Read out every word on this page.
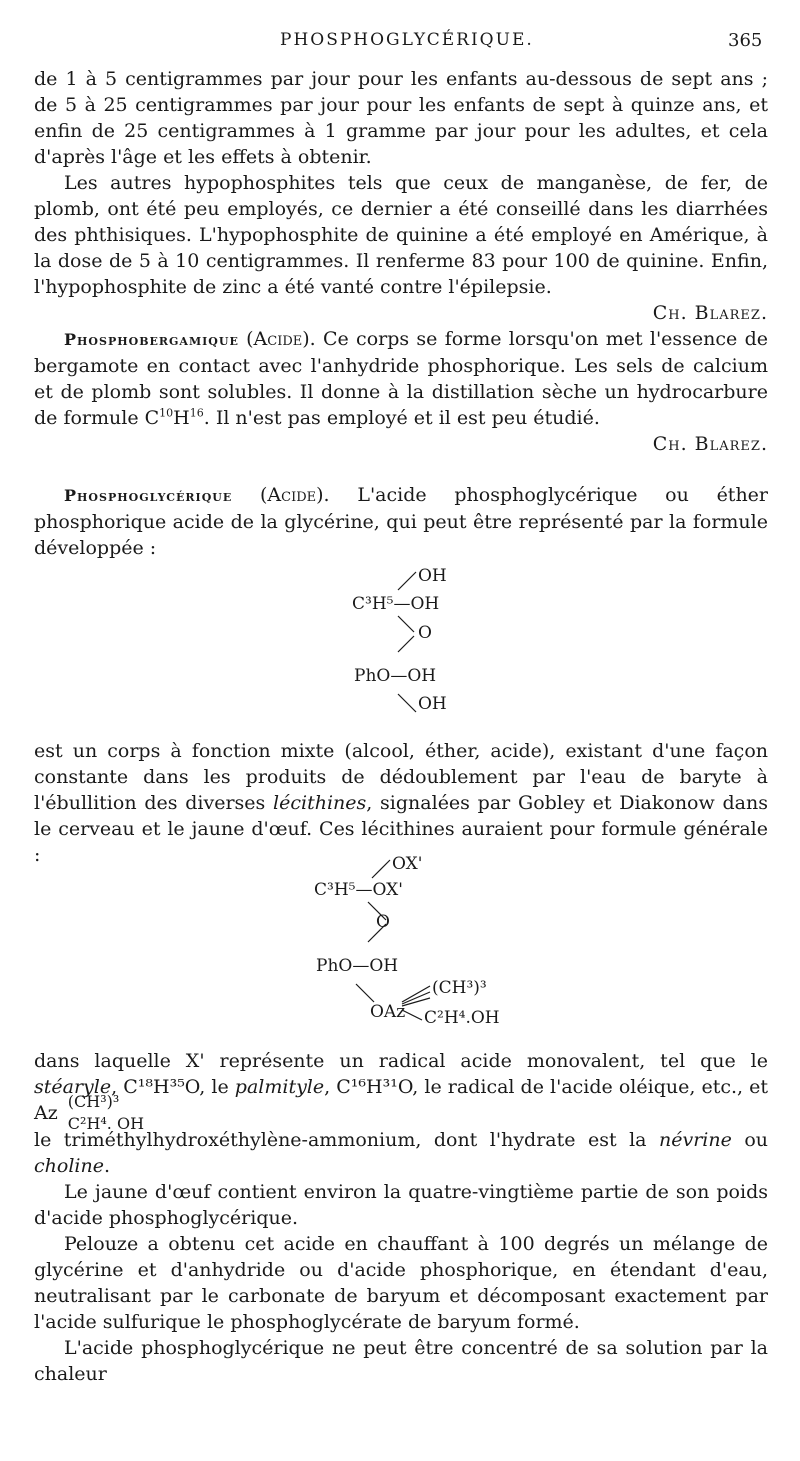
PHOSPHOGLYCÉRIQUE.	365

de 1 à 5 centigrammes par jour pour les enfants au-dessous de sept ans ; de 5 à 25 centigrammes par jour pour les enfants de sept à quinze ans, et enfin de 25 centigrammes à 1 gramme par jour pour les adultes, et cela d'après l'âge et les effets à obtenir.

Les autres hypophosphites tels que ceux de manganèse, de fer, de plomb, ont été peu employés, ce dernier a été conseillé dans les diarrhées des phthisiques. L'hypophosphite de quinine a été employé en Amérique, à la dose de 5 à 10 centigrammes. Il renferme 83 pour 100 de quinine. Enfin, l'hypophosphite de zinc a été vanté contre l'épilepsie.

Ch. Blarez.

Phosphobergamique (Acide). Ce corps se forme lorsqu'on met l'essence de bergamote en contact avec l'anhydride phosphorique. Les sels de calcium et de plomb sont solubles. Il donne à la distillation sèche un hydrocarbure de formule $C^{10}H^{16}$. Il n'est pas employé et il est peu étudié.

Ch. Blarez.

Phosphoglycérique (Acide). L'acide phosphoglycérique ou éther phosphorique acide de la glycérine, qui peut être représenté par la formule développée :

OH
C³H⁵—OH
O
PhO—OH
OH

est un corps à fonction mixte (alcool, éther, acide), existant d'une façon constante dans les produits de dédoublement par l'eau de baryte à l'ébullition des diverses lécithines, signalées par Gobley et Diakonow dans le cerveau et le jaune d'œuf. Ces lécithines auraient pour formule générale :	OX'
C³H⁵—OX'
O
PhO—OH
(CH³)³
OAz C²H⁴.OH

dans laquelle X' représente un radical acide monovalent, tel que le stéaryle, C¹⁸H³⁵O, le palmityle, C¹⁶H³¹O, le radical de l'acide oléique, etc., et Az
(CH³)³
C²H⁴. OH

le triméthylhydroxéthylène-ammonium, dont l'hydrate est la névrine ou choline.

Le jaune d'œuf contient environ la quatre-vingtième partie de son poids d'acide phosphoglycérique.

Pelouze a obtenu cet acide en chauffant à 100 degrés un mélange de glycérine et d'anhydride ou d'acide phosphorique, en étendant d'eau, neutralisant par le carbonate de baryum et décomposant exactement par l'acide sulfurique le phosphoglycérate de baryum formé.

L'acide phosphoglycérique ne peut être concentré de sa solution par la chaleur
